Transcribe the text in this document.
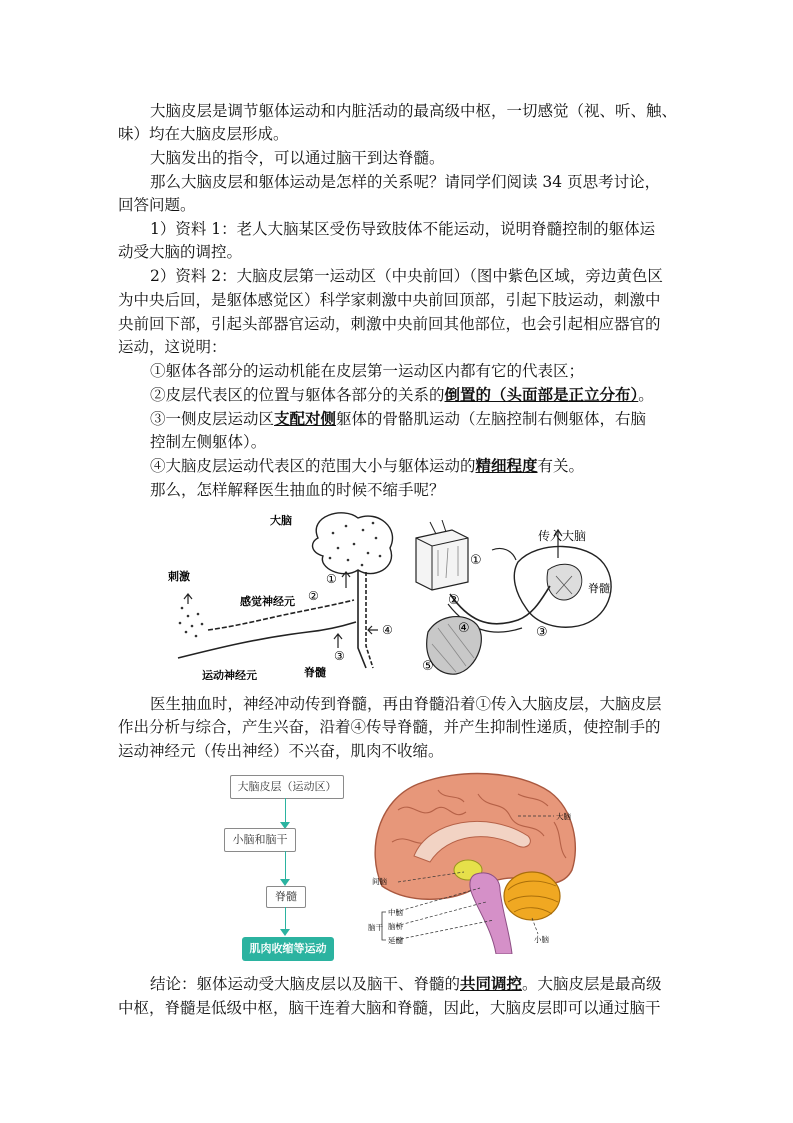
大脑皮层是调节躯体运动和内脏活动的最高级中枢，一切感觉（视、听、触、
味）均在大脑皮层形成。
大脑发出的指令，可以通过脑干到达脊髓。
那么大脑皮层和躯体运动是怎样的关系呢？请同学们阅读 34 页思考讨论，
回答问题。
1）资料 1：老人大脑某区受伤导致肢体不能运动，说明脊髓控制的躯体运
动受大脑的调控。
2）资料 2：大脑皮层第一运动区（中央前回）（图中紫色区域，旁边黄色区
为中央后回，是躯体感觉区）科学家刺激中央前回顶部，引起下肢运动，刺激中
央前回下部，引起头部器官运动，刺激中央前回其他部位，也会引起相应器官的
运动，这说明：
①躯体各部分的运动机能在皮层第一运动区内都有它的代表区；
②皮层代表区的位置与躯体各部分的关系的倒置的（头面部是正立分布）。
③一侧皮层运动区支配对侧躯体的骨骼肌运动（左脑控制右侧躯体，右脑
控制左侧躯体）。
④大脑皮层运动代表区的范围大小与躯体运动的精细程度有关。
那么，怎样解释医生抽血的时候不缩手呢？
大脑
刺激
感觉神经元
运动神经元	脊髓
①
②
③
④
传入大脑
脊髓
①
②
③
④
⑤
医生抽血时，神经冲动传到脊髓，再由脊髓沿着①传入大脑皮层，大脑皮层
作出分析与综合，产生兴奋，沿着④传导脊髓，并产生抑制性递质，使控制手的
运动神经元（传出神经）不兴奋，肌肉不收缩。
大脑皮层（运动区）
小脑和脑干
脊髓
肌肉收缩等运动
大脑
间脑
中脑
脑桥
延髓
脑干
小脑
结论：躯体运动受大脑皮层以及脑干、脊髓的共同调控。大脑皮层是最高级
中枢，脊髓是低级中枢，脑干连着大脑和脊髓，因此，大脑皮层即可以通过脑干
